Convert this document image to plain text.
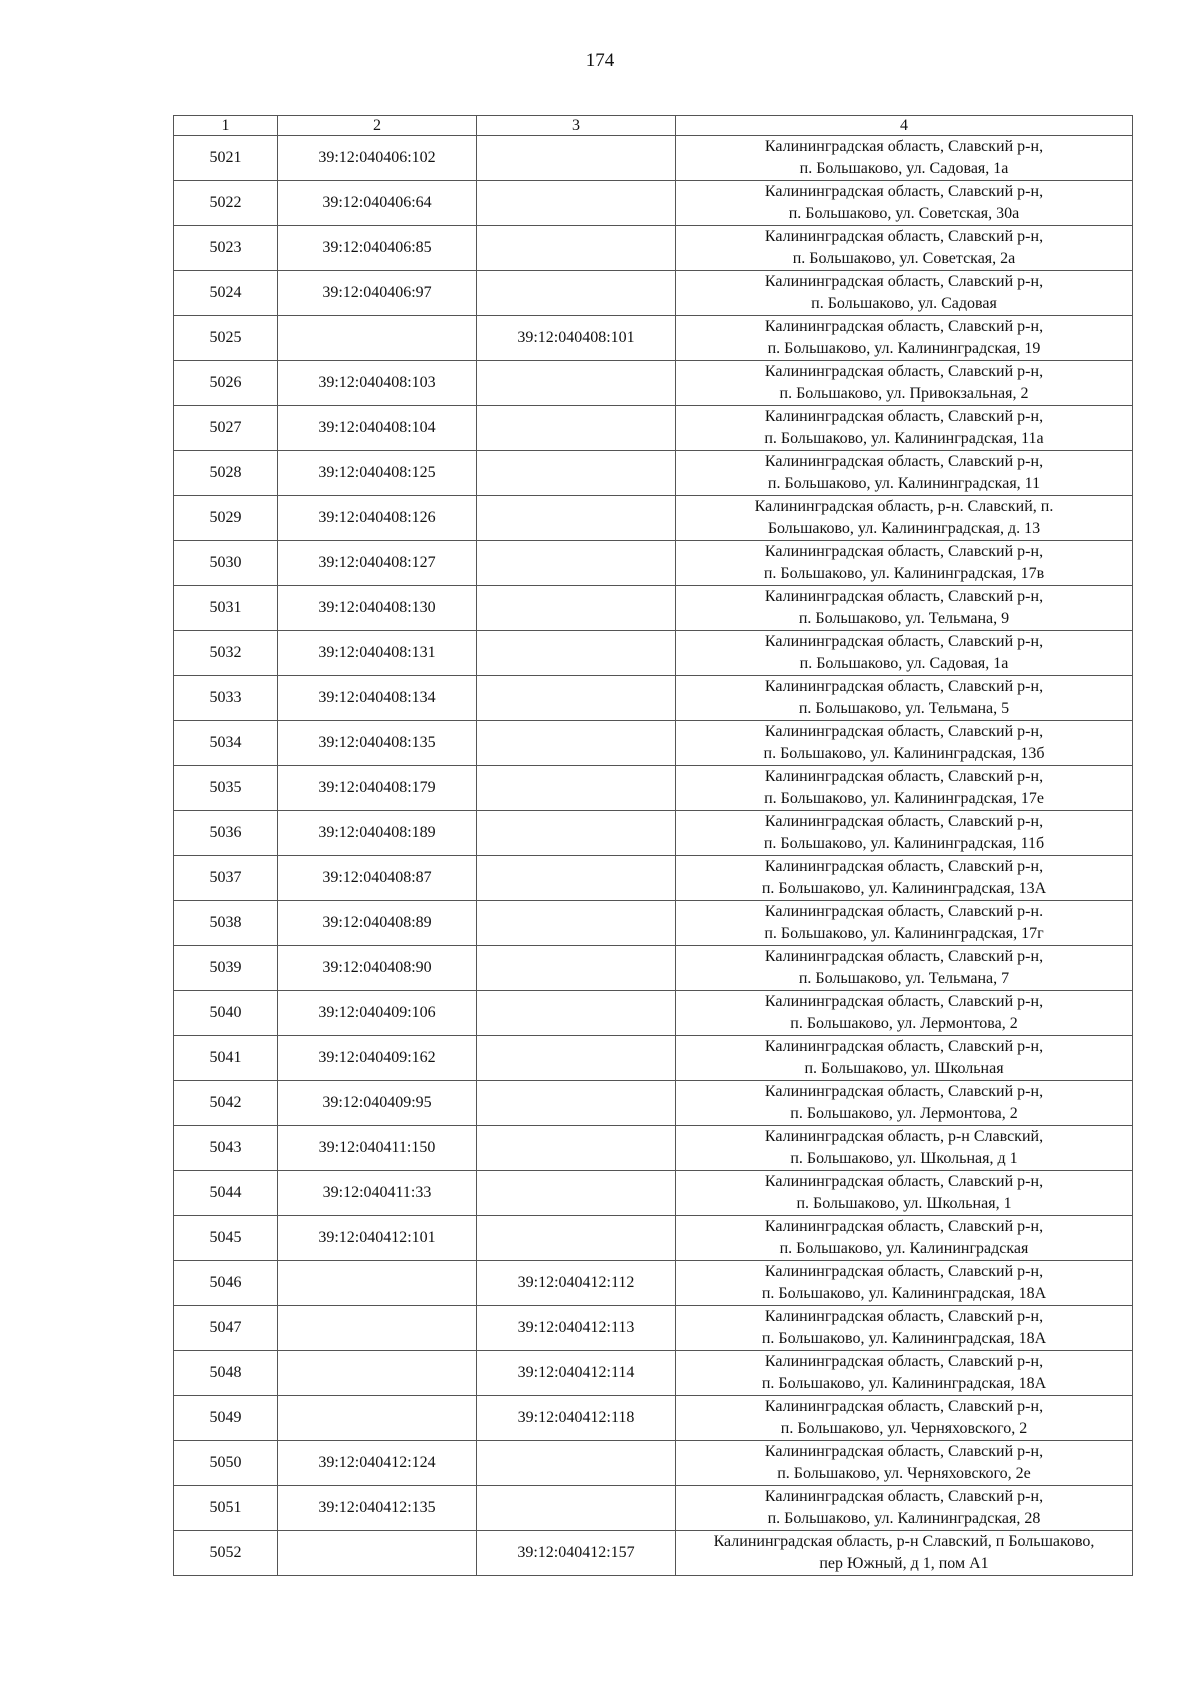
174
1	2	3	4
5021	39:12:040406:102		Калининградская область, Славский р-н,
п. Большаково, ул. Садовая, 1а

5022	39:12:040406:64		Калининградская область, Славский р-н,
п. Большаково, ул. Советская, 30а

5023	39:12:040406:85		Калининградская область, Славский р-н,
п. Большаково, ул. Советская, 2а

5024	39:12:040406:97		Калининградская область, Славский р-н,
п. Большаково, ул. Садовая

5025		39:12:040408:101	Калининградская область, Славский р-н,
п. Большаково, ул. Калининградская, 19

5026	39:12:040408:103		Калининградская область, Славский р-н,
п. Большаково, ул. Привокзальная, 2

5027	39:12:040408:104		Калининградская область, Славский р-н,
п. Большаково, ул. Калининградская, 11а

5028	39:12:040408:125		Калининградская область, Славский р-н,
п. Большаково, ул. Калининградская, 11

5029	39:12:040408:126		Калининградская область, р-н. Славский, п.
Большаково, ул. Калининградская, д. 13

5030	39:12:040408:127		Калининградская область, Славский р-н,
п. Большаково, ул. Калининградская, 17в

5031	39:12:040408:130		Калининградская область, Славский р-н,
п. Большаково, ул. Тельмана, 9

5032	39:12:040408:131		Калининградская область, Славский р-н,
п. Большаково, ул. Садовая, 1а

5033	39:12:040408:134		Калининградская область, Славский р-н,
п. Большаково, ул. Тельмана, 5

5034	39:12:040408:135		Калининградская область, Славский р-н,
п. Большаково, ул. Калининградская, 13б

5035	39:12:040408:179		Калининградская область, Славский р-н,
п. Большаково, ул. Калининградская, 17е

5036	39:12:040408:189		Калининградская область, Славский р-н,
п. Большаково, ул. Калининградская, 11б

5037	39:12:040408:87		Калининградская область, Славский р-н,
п. Большаково, ул. Калининградская, 13А

5038	39:12:040408:89		Калининградская область, Славский р-н.
п. Большаково, ул. Калининградская, 17г

5039	39:12:040408:90		Калининградская область, Славский р-н,
п. Большаково, ул. Тельмана, 7

5040	39:12:040409:106		Калининградская область, Славский р-н,
п. Большаково, ул. Лермонтова, 2

5041	39:12:040409:162		Калининградская область, Славский р-н,
п. Большаково, ул. Школьная

5042	39:12:040409:95		Калининградская область, Славский р-н,
п. Большаково, ул. Лермонтова, 2

5043	39:12:040411:150		Калининградская область, р-н Славский,
п. Большаково, ул. Школьная, д 1

5044	39:12:040411:33		Калининградская область, Славский р-н,
п. Большаково, ул. Школьная, 1

5045	39:12:040412:101		Калининградская область, Славский р-н,
п. Большаково, ул. Калининградская

5046		39:12:040412:112	Калининградская область, Славский р-н,
п. Большаково, ул. Калининградская, 18А

5047		39:12:040412:113	Калининградская область, Славский р-н,
п. Большаково, ул. Калининградская, 18А

5048		39:12:040412:114	Калининградская область, Славский р-н,
п. Большаково, ул. Калининградская, 18А

5049		39:12:040412:118	Калининградская область, Славский р-н,
п. Большаково, ул. Черняховского, 2

5050	39:12:040412:124		Калининградская область, Славский р-н,
п. Большаково, ул. Черняховского, 2е

5051	39:12:040412:135		Калининградская область, Славский р-н,
п. Большаково, ул. Калининградская, 28

5052		39:12:040412:157	Калининградская область, р-н Славский, п Большаково,
пер Южный, д 1, пом А1
